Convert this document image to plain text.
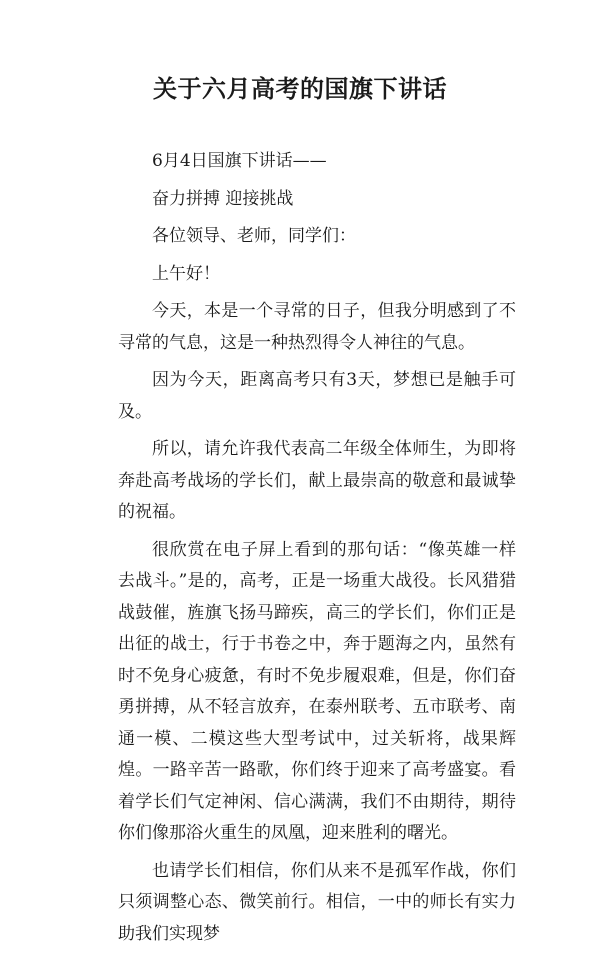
关于六月高考的国旗下讲话

6月4日国旗下讲话——

奋力拼搏 迎接挑战

各位领导、老师，同学们：

上午好！

今天，本是一个寻常的日子，但我分明感到了不寻常的气息，这是一种热烈得令人神往的气息。

因为今天，距离高考只有3天，梦想已是触手可及。

所以，请允许我代表高二年级全体师生，为即将奔赴高考战场的学长们，献上最崇高的敬意和最诚挚的祝福。

很欣赏在电子屏上看到的那句话：“像英雄一样去战斗。”是的，高考，正是一场重大战役。长风猎猎战鼓催，旌旗飞扬马蹄疾，高三的学长们，你们正是出征的战士，行于书卷之中，奔于题海之内，虽然有时不免身心疲惫，有时不免步履艰难，但是，你们奋勇拼搏，从不轻言放弃，在泰州联考、五市联考、南通一模、二模这些大型考试中，过关斩将，战果辉煌。一路辛苦一路歌，你们终于迎来了高考盛宴。看着学长们气定神闲、信心满满，我们不由期待，期待你们像那浴火重生的凤凰，迎来胜利的曙光。

也请学长们相信，你们从来不是孤军作战，你们只须调整心态、微笑前行。相信，一中的师长有实力助我们实现梦
